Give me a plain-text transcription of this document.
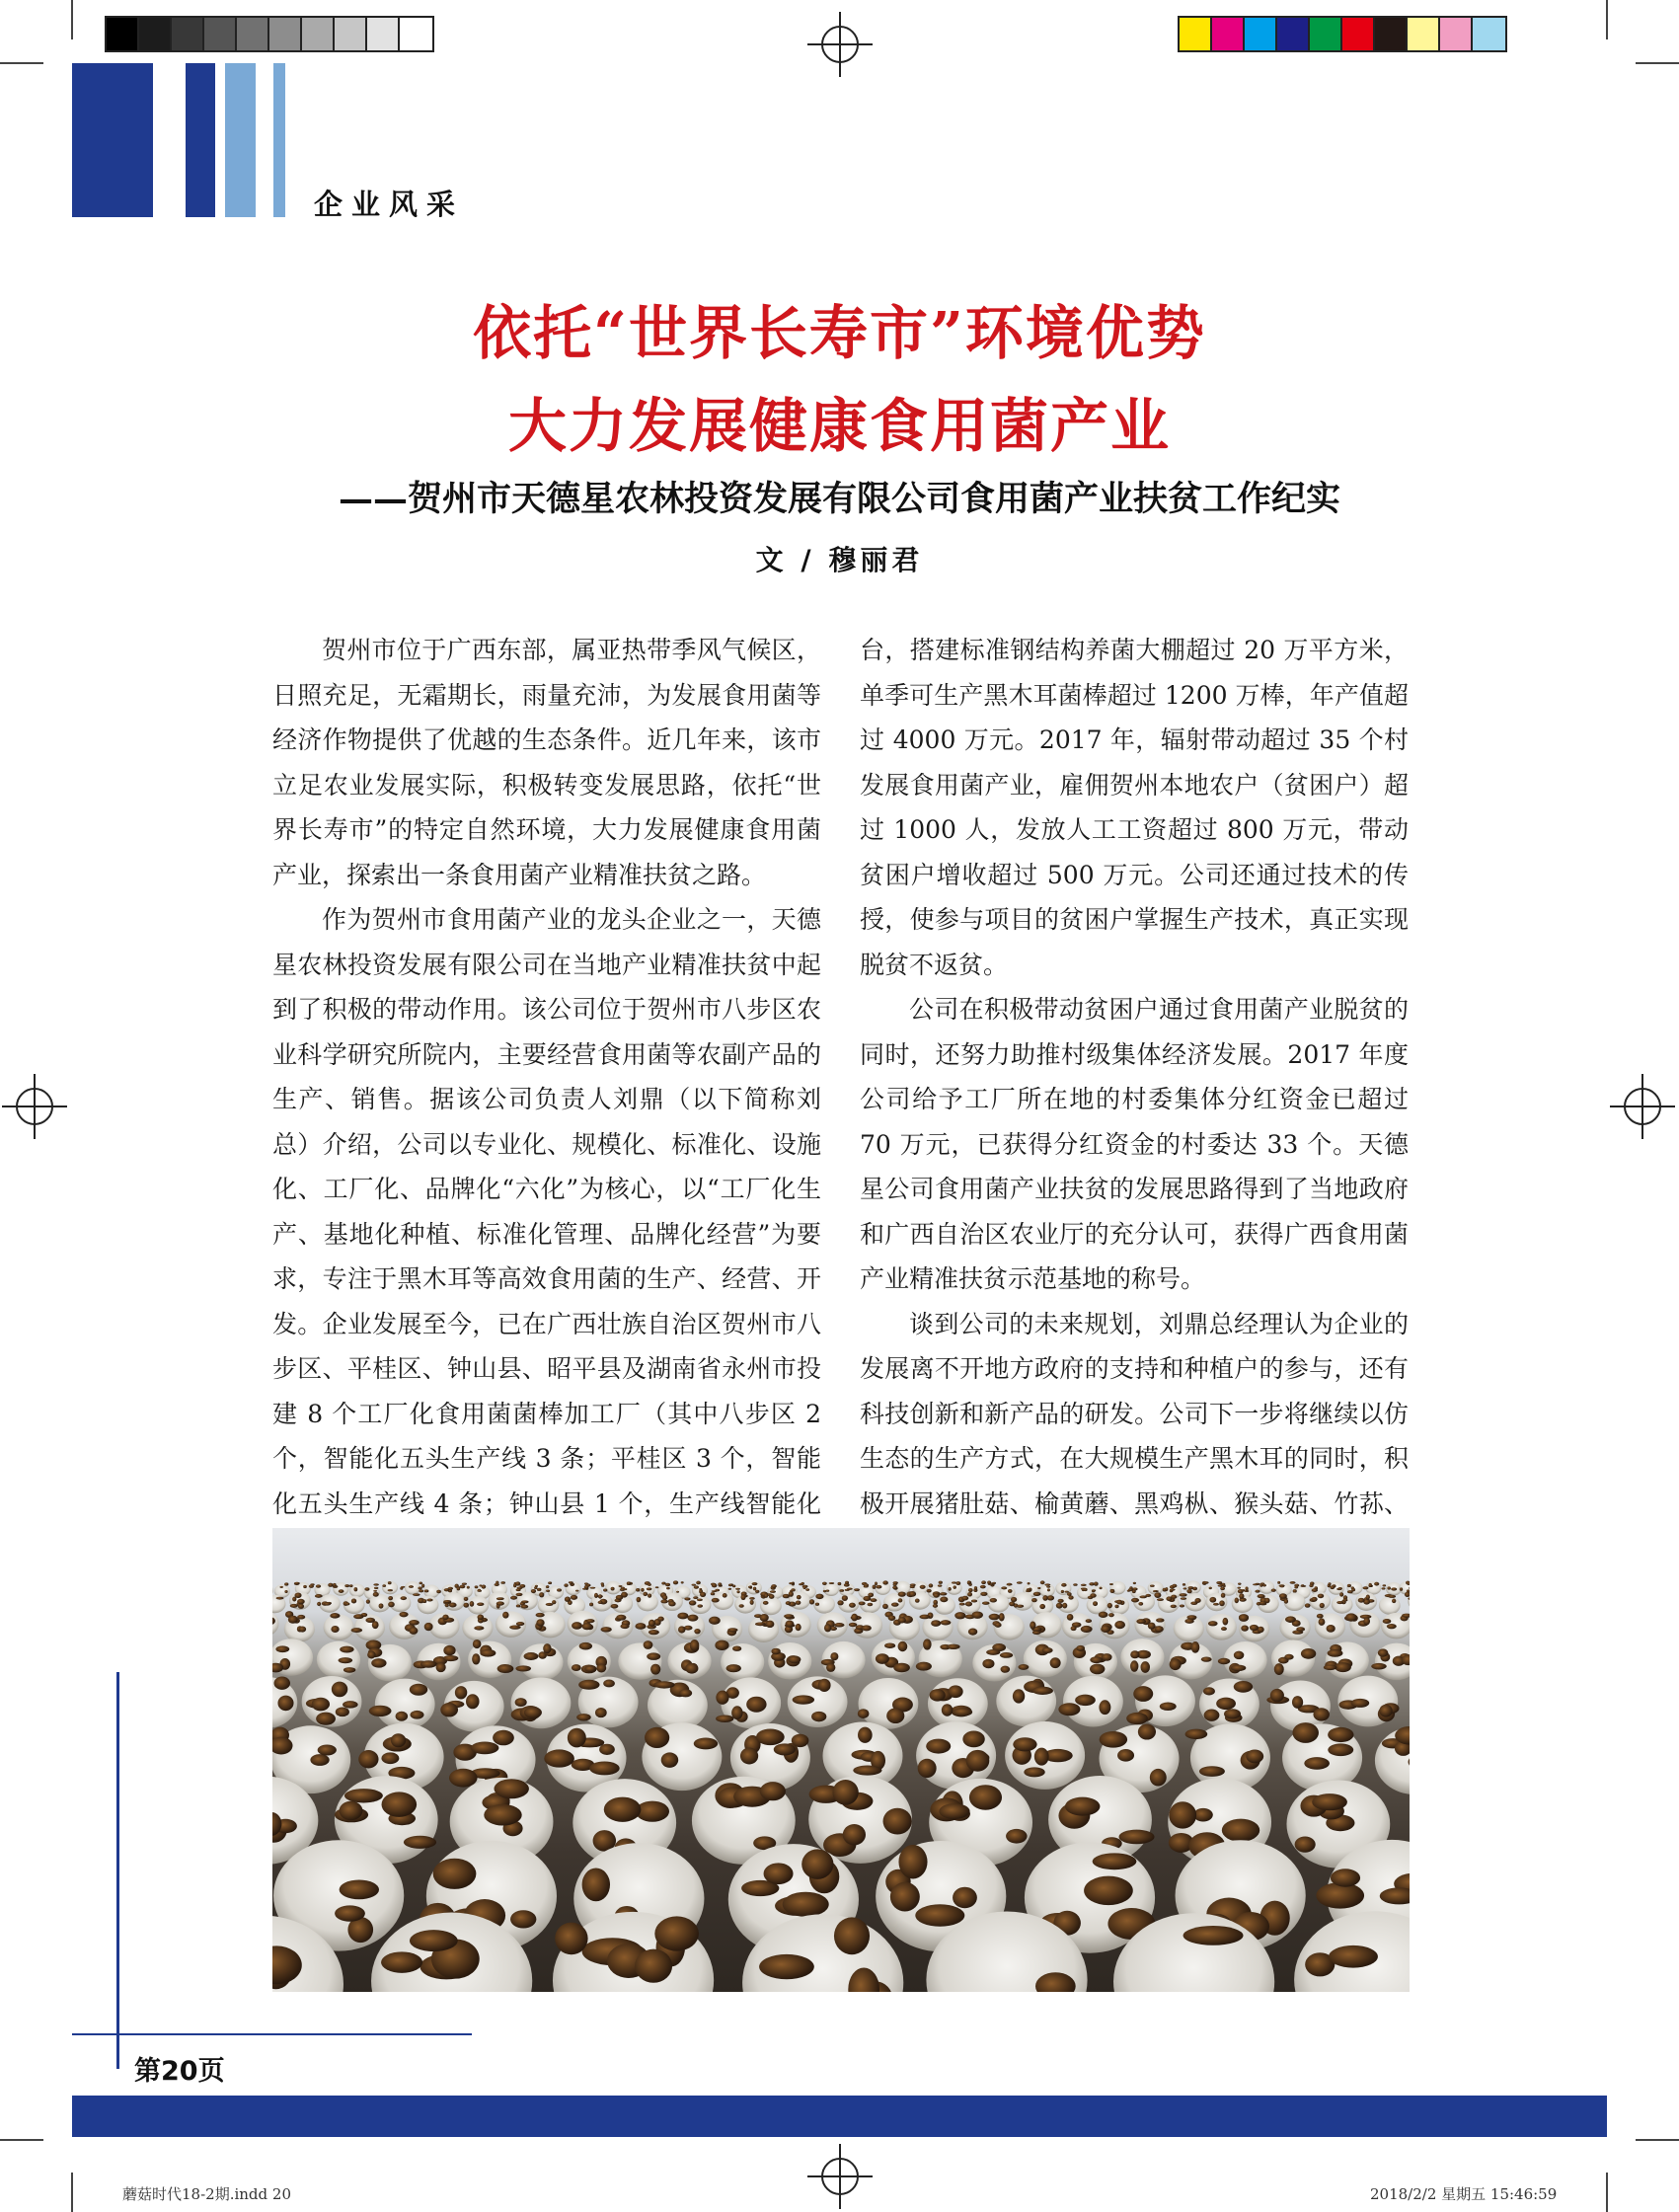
企业风采
依托“世界长寿市”环境优势
大力发展健康食用菌产业
——贺州市天德星农林投资发展有限公司食用菌产业扶贫工作纪实
文 / 穆丽君

贺州市位于广西东部，属亚热带季风气候区，日照充足，无霜期长，雨量充沛，为发展食用菌等经济作物提供了优越的生态条件。近几年来，该市立足农业发展实际，积极转变发展思路，依托“世界长寿市”的特定自然环境，大力发展健康食用菌产业，探索出一条食用菌产业精准扶贫之路。

作为贺州市食用菌产业的龙头企业之一，天德星农林投资发展有限公司在当地产业精准扶贫中起到了积极的带动作用。该公司位于贺州市八步区农业科学研究所院内，主要经营食用菌等农副产品的生产、销售。据该公司负责人刘鼎（以下简称刘总）介绍，公司以专业化、规模化、标准化、设施化、工厂化、品牌化“六化”为核心，以“工厂化生产、基地化种植、标准化管理、品牌化经营”为要求，专注于黑木耳等高效食用菌的生产、经营、开发。企业发展至今，已在广西壮族自治区贺州市八步区、平桂区、钟山县、昭平县及湖南省永州市投建 8 个工厂化食用菌菌棒加工厂（其中八步区 2 个，智能化五头生产线 3 条；平桂区 3 个，智能化五头生产线 4 条；钟山县 1 个，生产线智能化

台，搭建标准钢结构养菌大棚超过 20 万平方米，单季可生产黑木耳菌棒超过 1200 万棒，年产值超过 4000 万元。2017 年，辐射带动超过 35 个村发展食用菌产业，雇佣贺州本地农户（贫困户）超过 1000 人，发放人工工资超过 800 万元，带动贫困户增收超过 500 万元。公司还通过技术的传授，使参与项目的贫困户掌握生产技术，真正实现脱贫不返贫。

公司在积极带动贫困户通过食用菌产业脱贫的同时，还努力助推村级集体经济发展。2017 年度公司给予工厂所在地的村委集体分红资金已超过 70 万元，已获得分红资金的村委达 33 个。天德星公司食用菌产业扶贫的发展思路得到了当地政府和广西自治区农业厅的充分认可，获得广西食用菌产业精准扶贫示范基地的称号。

谈到公司的未来规划，刘鼎总经理认为企业的发展离不开地方政府的支持和种植户的参与，还有科技创新和新产品的研发。公司下一步将继续以仿生态的生产方式，在大规模生产黑木耳的同时，积极开展猪肚菇、榆黄蘑、黑鸡枞、猴头菇、竹荪、

第20页
蘑菇时代18-2期.indd 20	2018/2/2 星期五 15:46:59
